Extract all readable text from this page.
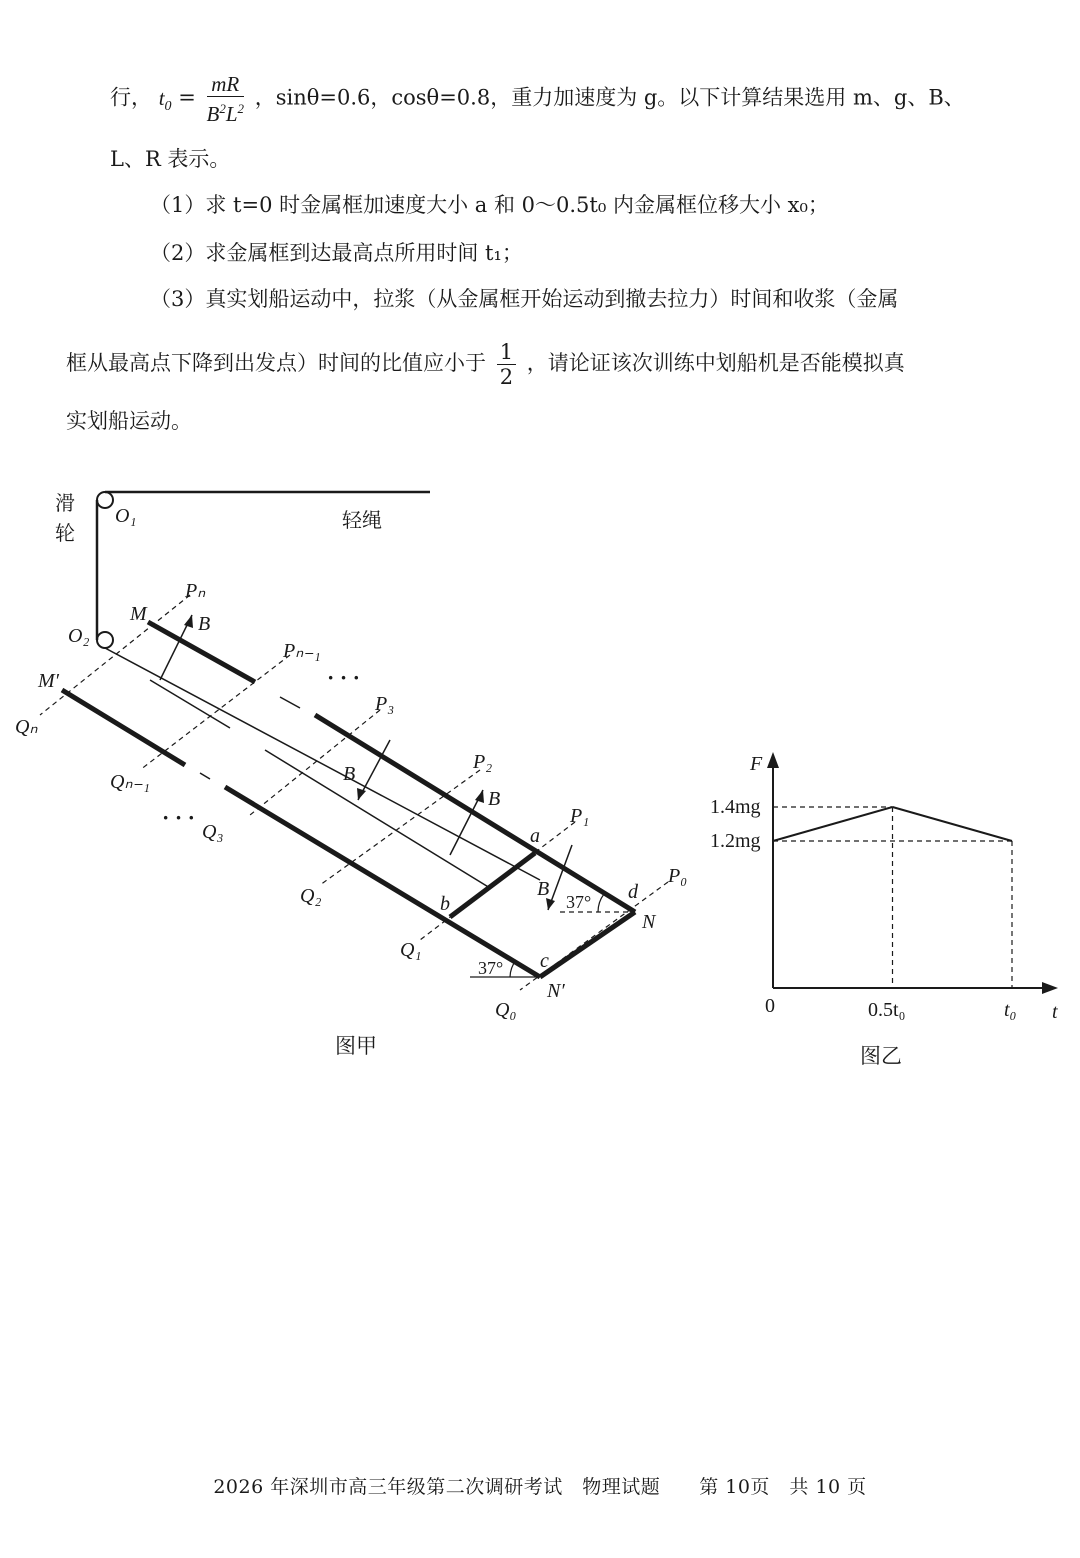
行， $t_0 = \frac{mR}{B^2L^2}$ ，sinθ=0.6，cosθ=0.8，重力加速度为 g。以下计算结果选用 m、g、B、
L、R 表示。
（1）求 t=0 时金属框加速度大小 a 和 0～0.5t₀ 内金属框位移大小 x₀；
（2）求金属框到达最高点所用时间 t₁；
（3）真实划船运动中，拉浆（从金属框开始运动到撤去拉力）时间和收浆（金属
框从最高点下降到出发点）时间的比值应小于 $\frac{1}{2}$ ，请论证该次训练中划船机是否能模拟真
实划船运动。
滑
轮
轻绳
O₁
O₂
M
M′
N
N′
a
b
c
d
Pₙ
Pₙ₋₁
P₃
P₂
P₁
P₀
Qₙ
Qₙ₋₁
Q₃
Q₂
Q₁
Q₀
B
B
B
B
37°
37°
· · ·
· · ·
图甲
F
t
0
1.4mg
1.2mg
0.5t₀	t₀
图乙
2026 年深圳市高三年级第二次调研考试　物理试题　　第 10页　共 10 页
